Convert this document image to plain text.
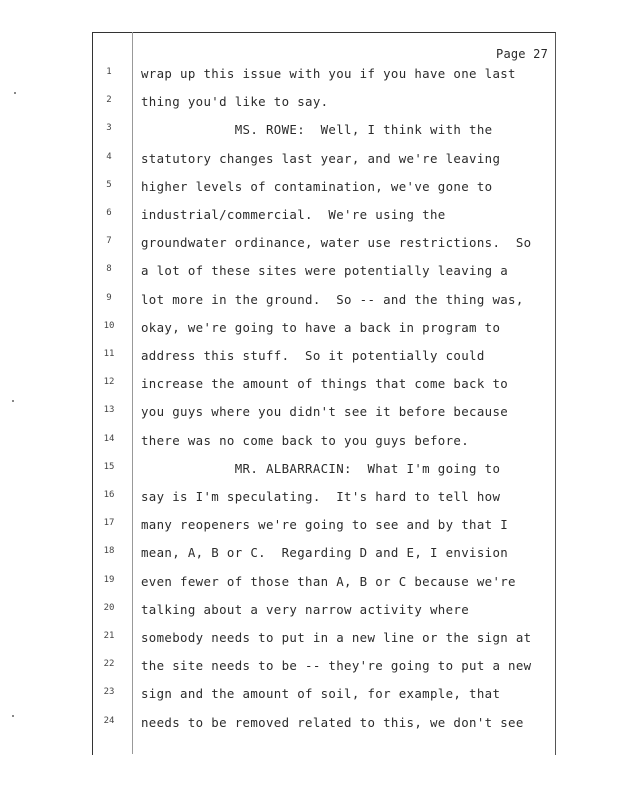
Page 27
1	wrap up this issue with you if you have one last
2	thing you'd like to say.
3	MS. ROWE:  Well, I think with the
4	statutory changes last year, and we're leaving
5	higher levels of contamination, we've gone to
6	industrial/commercial.  We're using the
7	groundwater ordinance, water use restrictions.  So
8	a lot of these sites were potentially leaving a
9	lot more in the ground.  So -- and the thing was,
10	okay, we're going to have a back in program to
11	address this stuff.  So it potentially could
12	increase the amount of things that come back to
13	you guys where you didn't see it before because
14	there was no come back to you guys before.
15	MR. ALBARRACIN:  What I'm going to
16	say is I'm speculating.  It's hard to tell how
17	many reopeners we're going to see and by that I
18	mean, A, B or C.  Regarding D and E, I envision
19	even fewer of those than A, B or C because we're
20	talking about a very narrow activity where
21	somebody needs to put in a new line or the sign at
22	the site needs to be -- they're going to put a new
23	sign and the amount of soil, for example, that
24	needs to be removed related to this, we don't see
